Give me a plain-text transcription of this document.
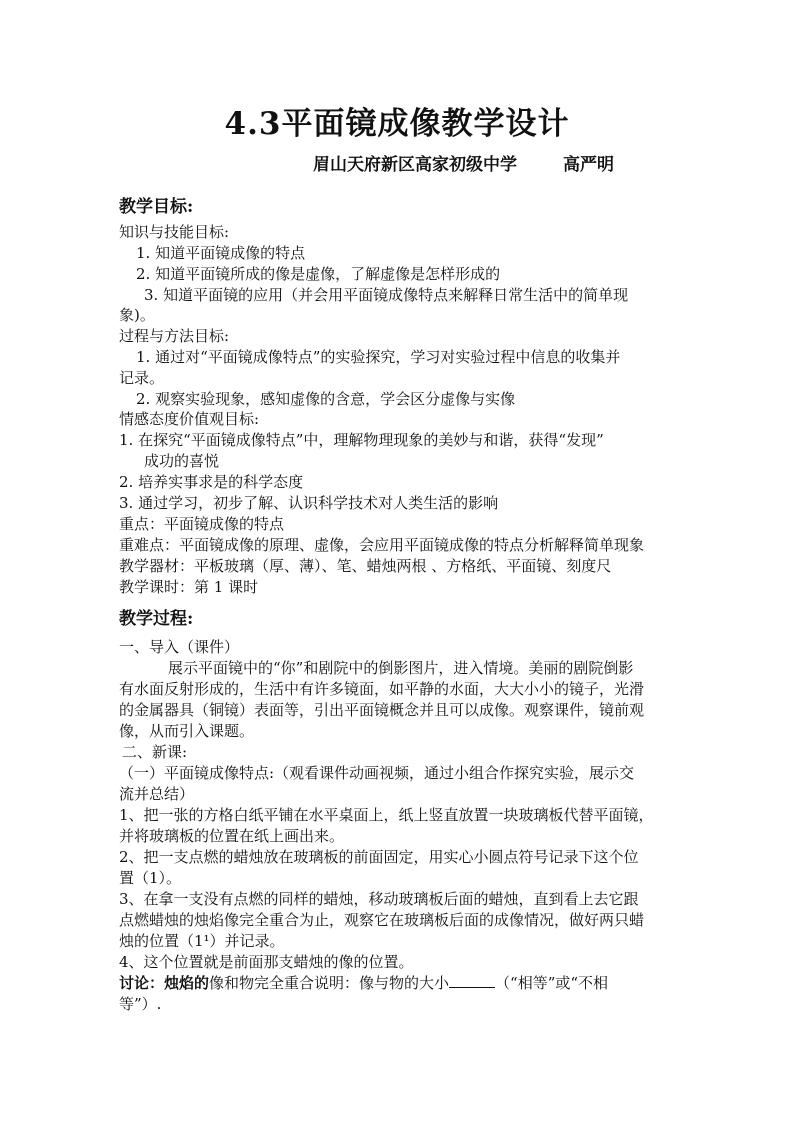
4.3平面镜成像教学设计
眉山天府新区高家初级中学	高严明
教学目标:
知识与技能目标:
1. 知道平面镜成像的特点
2. 知道平面镜所成的像是虚像，了解虚像是怎样形成的
3. 知道平面镜的应用（并会用平面镜成像特点来解释日常生活中的简单现
象)。
过程与方法目标:
1. 通过对“平面镜成像特点”的实验探究，学习对实验过程中信息的收集并
记录。
2. 观察实验现象，感知虚像的含意，学会区分虚像与实像
情感态度价值观目标:
1. 在探究“平面镜成像特点”中，理解物理现象的美妙与和谐，获得“发现”
成功的喜悦
2. 培养实事求是的科学态度
3. 通过学习，初步了解、认识科学技术对人类生活的影响
重点：平面镜成像的特点
重难点：平面镜成像的原理、虚像，会应用平面镜成像的特点分析解释简单现象
教学器材：平板玻璃（厚、薄）、笔、蜡烛两根 、方格纸、平面镜、刻度尺
教学课时：第 1 课时
教学过程:
一、导入（课件）
展示平面镜中的“你”和剧院中的倒影图片，进入情境。美丽的剧院倒影
有水面反射形成的，生活中有许多镜面，如平静的水面，大大小小的镜子，光滑
的金属器具（铜镜）表面等，引出平面镜概念并且可以成像。观察课件，镜前观
像，从而引入课题。
二、新课:
（一）平面镜成像特点:（观看课件动画视频，通过小组合作探究实验，展示交
流并总结）
1、把一张的方格白纸平铺在水平桌面上，纸上竖直放置一块玻璃板代替平面镜，
并将玻璃板的位置在纸上画出来。
2、把一支点燃的蜡烛放在玻璃板的前面固定，用实心小圆点符号记录下这个位
置（1）。
3、在拿一支没有点燃的同样的蜡烛，移动玻璃板后面的蜡烛，直到看上去它跟
点燃蜡烛的烛焰像完全重合为止，观察它在玻璃板后面的成像情况，做好两只蜡
烛的位置（1¹）并记录。
4、这个位置就是前面那支蜡烛的像的位置。
讨论：烛焰的像和物完全重合说明：像与物的大小	（“相等”或“不相
等”）.
